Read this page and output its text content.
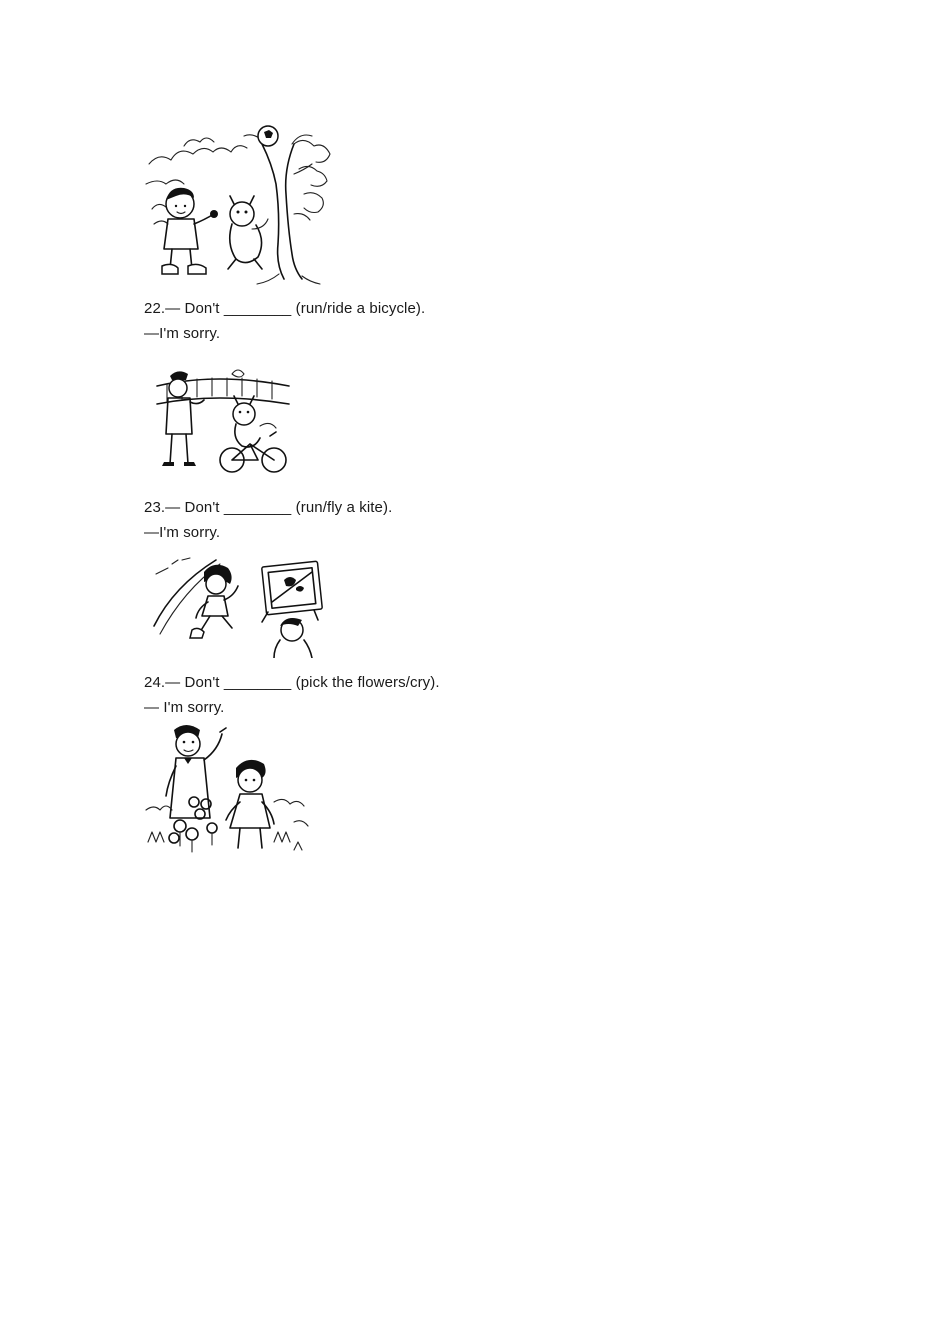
22.— Don't ________ (run/ride a bicycle).
—I'm sorry.
23.— Don't ________ (run/fly a kite).
—I'm sorry.
24.— Don't ________ (pick the flowers/cry).
— I'm sorry.
